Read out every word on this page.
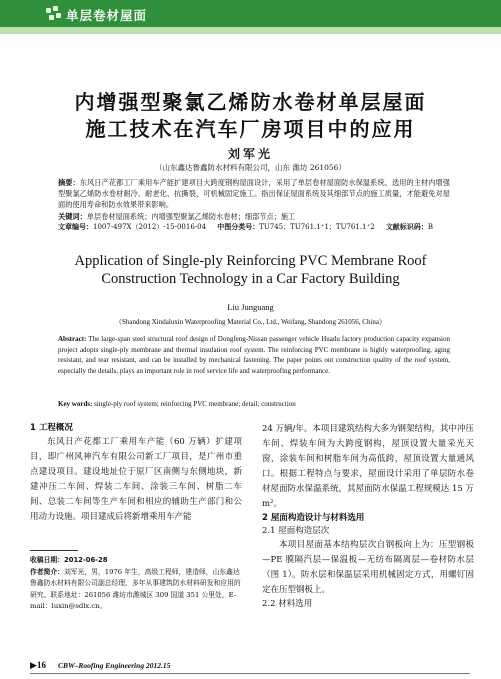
单层卷材屋面
内增强型聚氯乙烯防水卷材单层屋面
施工技术在汽车厂房项目中的应用
刘军光
（山东鑫达鲁鑫防水材料有限公司，山东 潍坊 261056）
摘要：东风日产花都工厂乘用车产能扩建项目大跨度钢构屋面设计，采用了单层卷材屋面防水保温系统，选用的主材内增强型聚氯乙烯防水卷材耐冷、耐老化、抗撕裂，可机械固定施工。指出保证屋面系统及其细部节点的施工质量，才能避免对屋面的使用寿命和防水效果带来影响。
关键词：单层卷材屋面系统；内增强型聚氯乙烯防水卷材；细部节点；施工
文章编号：1007-497X（2012）-15-0016-04 中图分类号：TU745；TU761.1⁺1；TU761.1⁺2 文献标识码：B
Application of Single-ply Reinforcing PVC Membrane Roof
Construction Technology in a Car Factory Building
Liu Junguang
（Shandong Xindaluxin Waterproofing Material Co., Ltd., Weifang, Shandong 261056, China）
Abstract: The large-span steel structural roof design of Dongfeng-Nissan passenger vehicle Huadu factory production capacity expansion project adopts single-ply membrane and thermal insulation roof system. The reinforcing PVC membrane is highly waterproofing, aging resistant, and tear resistant, and can be installed by mechanical fastening. The paper points out construction quality of the roof system, especially the details, plays an important role in roof service life and waterproofing performance.
Key words: single-ply roof system; reinforcing PVC membrane; detail; construction
1 工程概况

东风日产花都工厂乘用车产能（60 万辆）扩建项目，即广州风神汽车有限公司新工厂项目，是广州市重点建设项目。建设地址位于原厂区南侧与东侧地块，新建冲压二车间、焊装二车间、涂装三车间、树脂二车间、总装二车间等生产车间和相应的辅助生产部门和公用动力设施。项目建成后将新增乘用车产能

收稿日期：2012-06-28
作者简介：刘军光，男，1976 年生，高级工程师，建造师，山东鑫达鲁鑫防水材料有限公司副总经理，多年从事建筑防水材料研发和应用的研究。联系地址：261056 潍坊市潍城区 309 国道 351 公里处，E-mail：luxin@sdlx.cn。

24 万辆/年。本项目建筑结构大多为钢架结构，其中冲压车间、焊装车间为大跨度钢构，屋顶设置大量采光天窗，涂装车间和树脂车间为高低跨，屋顶设置大量通风口。根据工程特点与要求，屋面设计采用了单层防水卷材屋面防水保温系统，其屋面防水保温工程规模达 15 万 m²。

2 屋面构造设计与材料选用
2.1 屋面构造层次

本项目屋面基本结构层次自钢板向上为：压型钢板—PE 膜隔汽层—保温板—无纺布隔离层—卷材防水层（图 1）。防水层和保温层采用机械固定方式，用螺钉固定在压型钢板上。

2.2 材料选用
▶ 16 CBW–Roofing Engineering 2012.15
